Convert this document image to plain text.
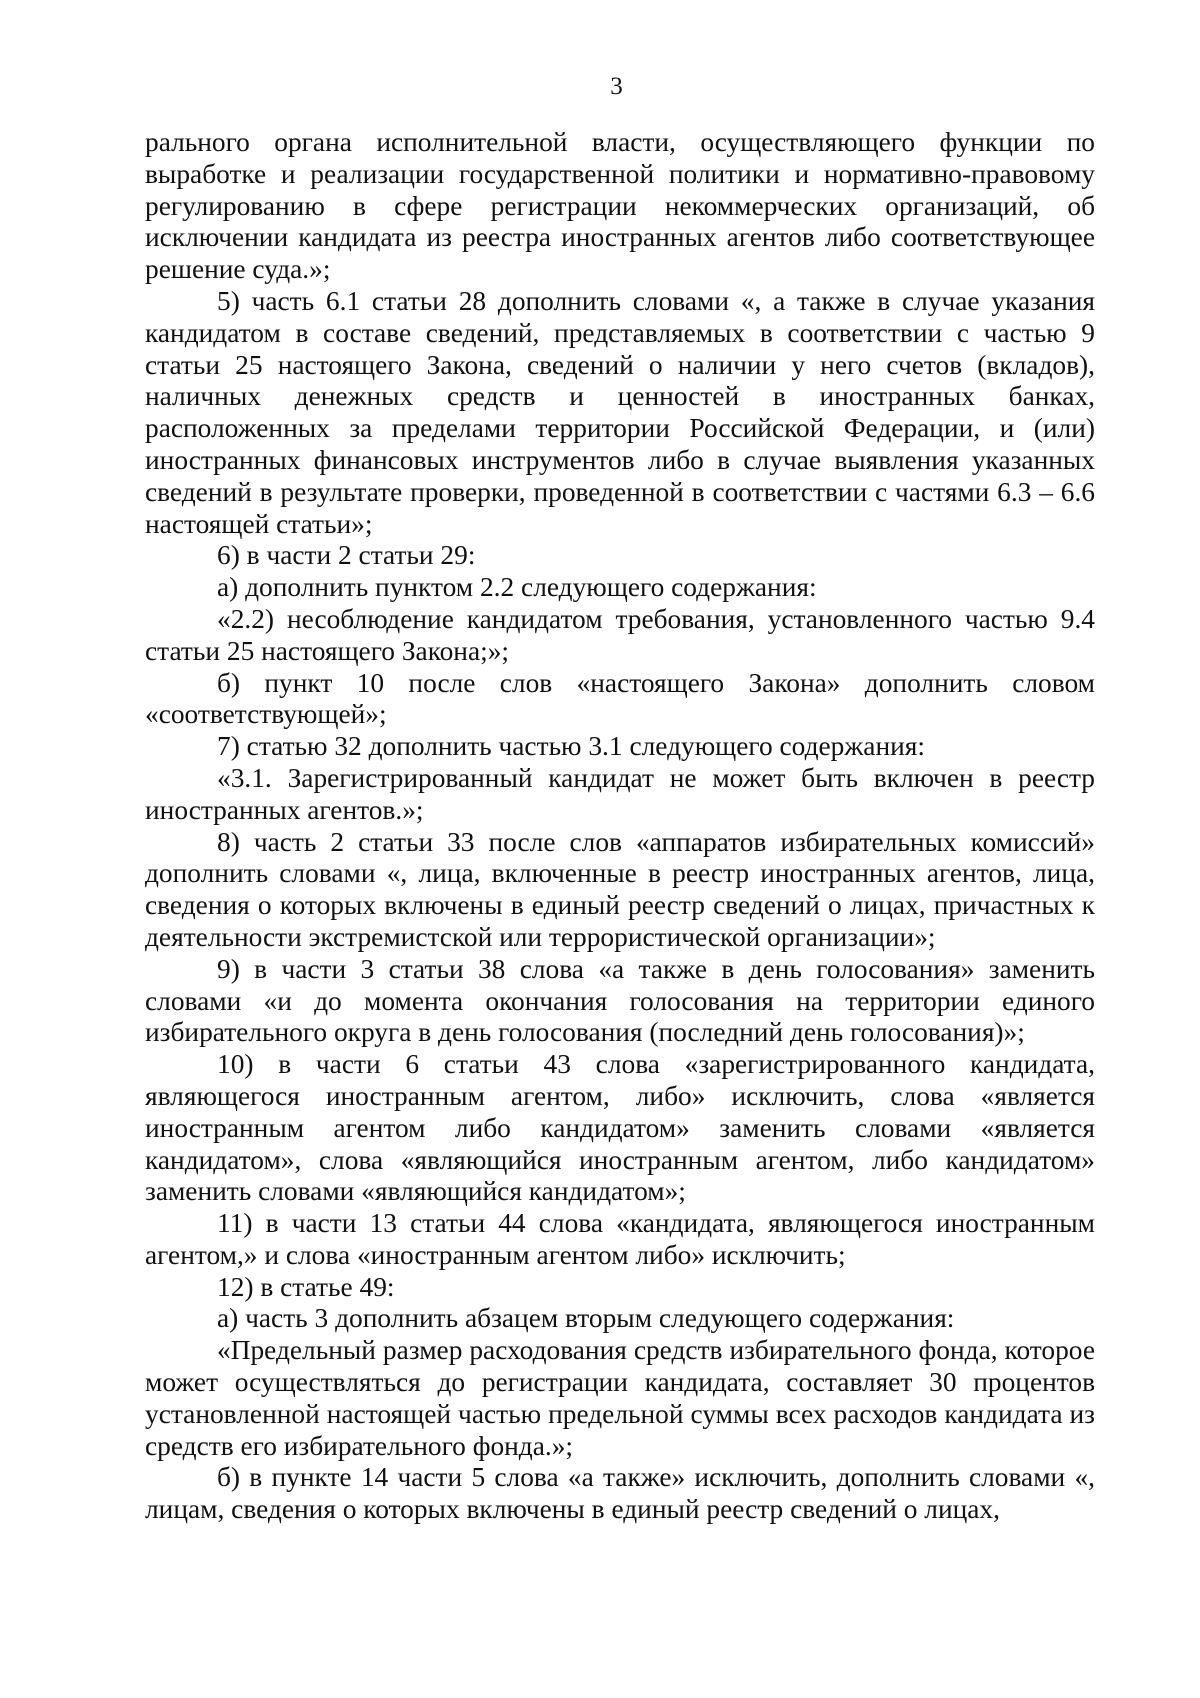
3

рального органа исполнительной власти, осуществляющего функции по выработке и реализации государственной политики и нормативно-правовому регулированию в сфере регистрации некоммерческих организаций, об исключении кандидата из реестра иностранных агентов либо соответствующее решение суда.»;

5) часть 6.1 статьи 28 дополнить словами «, а также в случае указания кандидатом в составе сведений, представляемых в соответствии с частью 9 статьи 25 настоящего Закона, сведений о наличии у него счетов (вкладов), наличных денежных средств и ценностей в иностранных банках, расположенных за пределами территории Российской Федерации, и (или) иностранных финансовых инструментов либо в случае выявления указанных сведений в результате проверки, проведенной в соответствии с частями 6.3 – 6.6 настоящей статьи»;

6) в части 2 статьи 29:

а) дополнить пунктом 2.2 следующего содержания:

«2.2) несоблюдение кандидатом требования, установленного частью 9.4 статьи 25 настоящего Закона;»;

б) пункт 10 после слов «настоящего Закона» дополнить словом «соответствующей»;

7) статью 32 дополнить частью 3.1 следующего содержания:

«3.1. Зарегистрированный кандидат не может быть включен в реестр иностранных агентов.»;

8) часть 2 статьи 33 после слов «аппаратов избирательных комиссий» дополнить словами «, лица, включенные в реестр иностранных агентов, лица, сведения о которых включены в единый реестр сведений о лицах, причастных к деятельности экстремистской или террористической организации»;

9) в части 3 статьи 38 слова «а также в день голосования» заменить словами «и до момента окончания голосования на территории единого избирательного округа в день голосования (последний день голосования)»;

10) в части 6 статьи 43 слова «зарегистрированного кандидата, являющегося иностранным агентом, либо» исключить, слова «является иностранным агентом либо кандидатом» заменить словами «является кандидатом», слова «являющийся иностранным агентом, либо кандидатом» заменить словами «являющийся кандидатом»;

11) в части 13 статьи 44 слова «кандидата, являющегося иностранным агентом,» и слова «иностранным агентом либо» исключить;

12) в статье 49:

а) часть 3 дополнить абзацем вторым следующего содержания:

«Предельный размер расходования средств избирательного фонда, которое может осуществляться до регистрации кандидата, составляет 30 процентов установленной настоящей частью предельной суммы всех расходов кандидата из средств его избирательного фонда.»;

б) в пункте 14 части 5 слова «а также» исключить, дополнить словами «, лицам, сведения о которых включены в единый реестр сведений о лицах,
